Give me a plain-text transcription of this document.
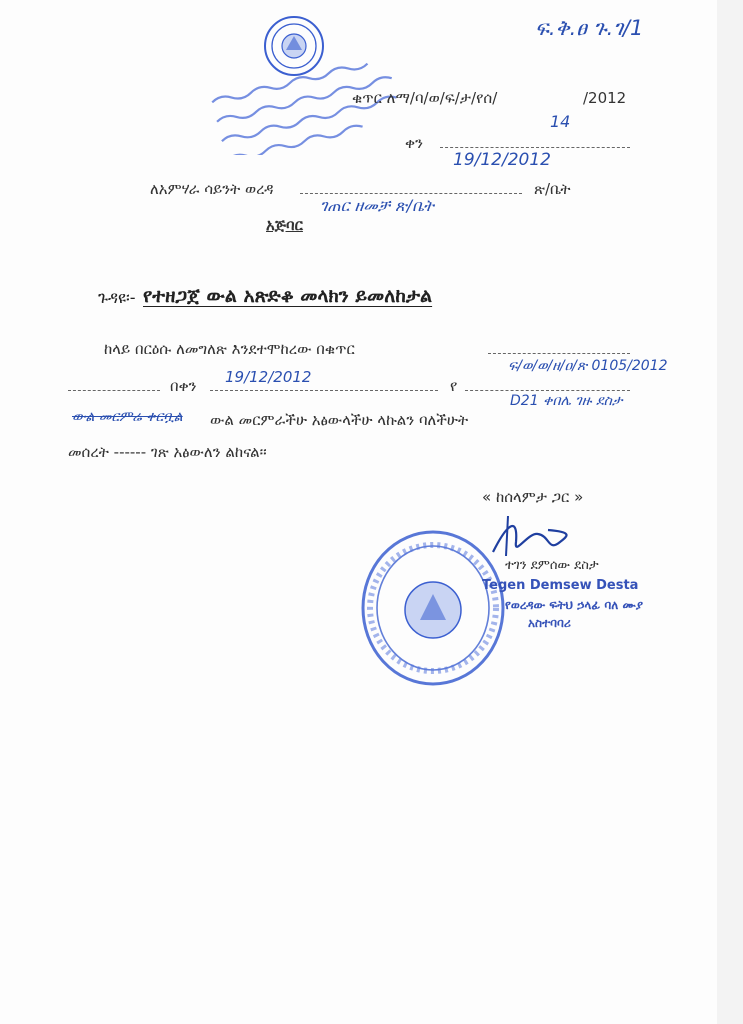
ፍ.ቅ.ፀ ጉ.ገ/1
ቁጥር ለማ/ባ/ወ/ፍ/ታ/የሰ/	/2012
14
ቀን
19/12/2012
ለአምሃራ ሳይንት ወረዳ
ገጠር ዘመቻ ጽ/ቤት
ጽ/ቤት
አጅባር
ጉዳዩ፡- የተዘጋጀ ውል አጽድቆ መላክን ይመለከታል
ከላይ በርዕሱ ለመግለጽ እንደተሞከረው በቁጥር
ፍ/ወ/ወ/ዘ/ዐ/ጽ 0105/2012
በቀን 19/12/2012	የ
D21 ቀበሌ ገዙ ደስታ
ውል መርምሬ ቀርቧል ውል መርምራችሁ አፅውላችሁ ላኩልን ባለችሁት
መሰረት ------ ገጽ አፅውለን ልከናል፡፡
« ከሰላምታ ጋር »
ተገን ደምሰው ደስታ
Tegen Demsew Desta
የወረዳው ፍትህ ኃላፊ ባለ ሙያ
አስተባባሪ
